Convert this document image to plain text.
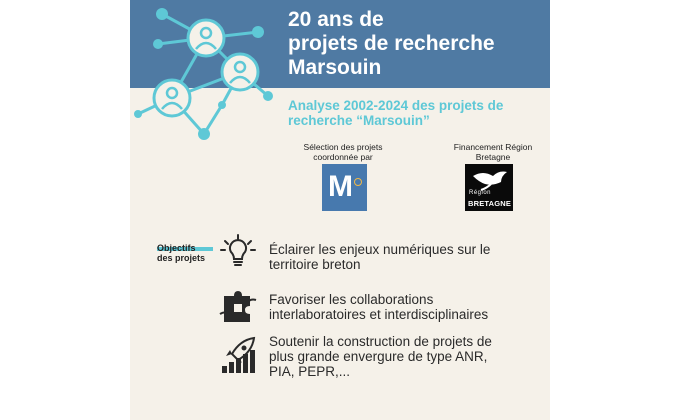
20 ans de
projets de recherche
Marsouin
Analyse 2002-2024 des projets de
recherche “Marsouin”
Sélection des projets
coordonnée par
M
Financement Région
Bretagne
Région
BRETAGNE
Objectifs
des projets
Éclairer les enjeux numériques sur le
territoire breton
Favoriser les collaborations
interlaboratoires et interdisciplinaires
Soutenir la construction de projets de
plus grande envergure de type ANR,
PIA, PEPR,...
